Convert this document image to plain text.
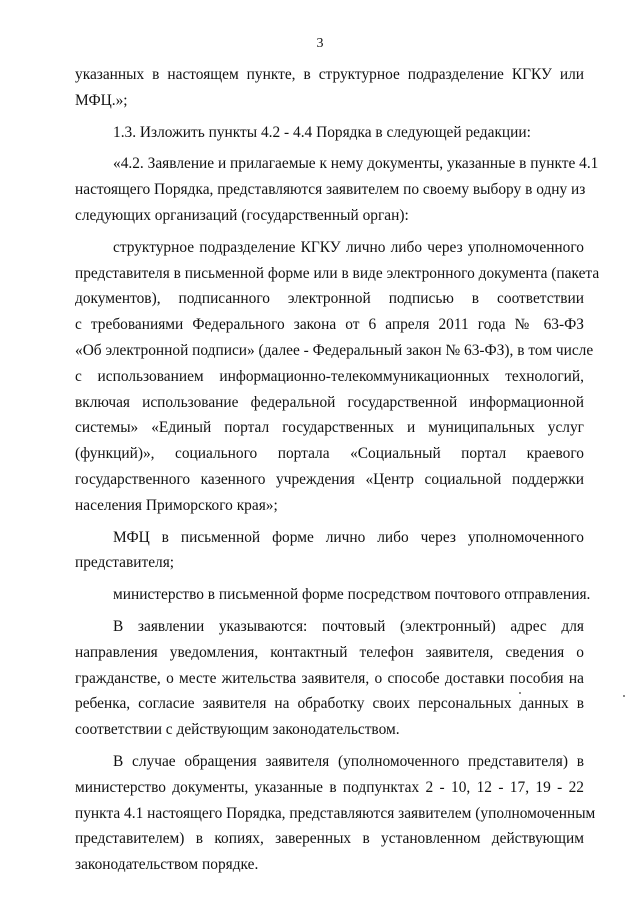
3
указанных в настоящем пункте, в структурное подразделение КГКУ или
МФЦ.»;
1.3. Изложить пункты 4.2 - 4.4 Порядка в следующей редакции:
«4.2. Заявление и прилагаемые к нему документы, указанные в пункте 4.1
настоящего Порядка, представляются заявителем по своему выбору в одну из
следующих организаций (государственный орган):
структурное подразделение КГКУ лично либо через уполномоченного
представителя в письменной форме или в виде электронного документа (пакета
документов), подписанного электронной подписью в соответствии
с требованиями Федерального закона от 6 апреля 2011 года № 63-ФЗ
«Об электронной подписи» (далее - Федеральный закон № 63-ФЗ), в том числе
с использованием информационно-телекоммуникационных технологий,
включая использование федеральной государственной информационной
системы» «Единый портал государственных и муниципальных услуг
(функций)», социального портала «Социальный портал краевого
государственного казенного учреждения «Центр социальной поддержки
населения Приморского края»;
МФЦ в письменной форме лично либо через уполномоченного
представителя;
министерство в письменной форме посредством почтового отправления.
В заявлении указываются: почтовый (электронный) адрес для
направления уведомления, контактный телефон заявителя, сведения о
гражданстве, о месте жительства заявителя, о способе доставки пособия на
ребенка, согласие заявителя на обработку своих персональных данных в
соответствии с действующим законодательством.
В случае обращения заявителя (уполномоченного представителя) в
министерство документы, указанные в подпунктах 2 - 10, 12 - 17, 19 - 22
пункта 4.1 настоящего Порядка, представляются заявителем (уполномоченным
представителем) в копиях, заверенных в установленном действующим
законодательством порядке.
